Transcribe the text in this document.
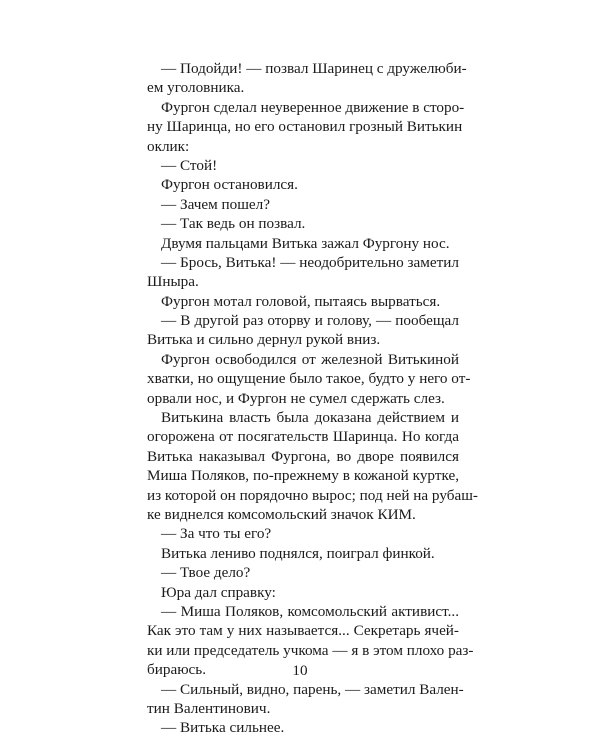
— Подойди! — позвал Шаринец с дружелюби-
ем уголовника.
Фургон сделал неуверенное движение в сторо-
ну Шаринца, но его остановил грозный Витькин
оклик:
— Стой!
Фургон остановился.
— Зачем пошел?
— Так ведь он позвал.
Двумя пальцами Витька зажал Фургону нос.
— Брось, Витька! — неодобрительно заметил
Шныра.
Фургон мотал головой, пытаясь вырваться.
— В другой раз оторву и голову, — пообещал
Витька и сильно дернул рукой вниз.
Фургон освободился от железной Витькиной
хватки, но ощущение было такое, будто у него от-
орвали нос, и Фургон не сумел сдержать слез.
Витькина власть была доказана действием и
огорожена от посягательств Шаринца. Но когда
Витька наказывал Фургона, во дворе появился
Миша Поляков, по-прежнему в кожаной куртке,
из которой он порядочно вырос; под ней на рубаш-
ке виднелся комсомольский значок КИМ.
— За что ты его?
Витька лениво поднялся, поиграл финкой.
— Твое дело?
Юра дал справку:
— Миша Поляков, комсомольский активист...
Как это там у них называется... Секретарь ячей-
ки или председатель учкома — я в этом плохо раз-
бираюсь.
— Сильный, видно, парень, — заметил Вален-
тин Валентинович.
— Витька сильнее.
10
